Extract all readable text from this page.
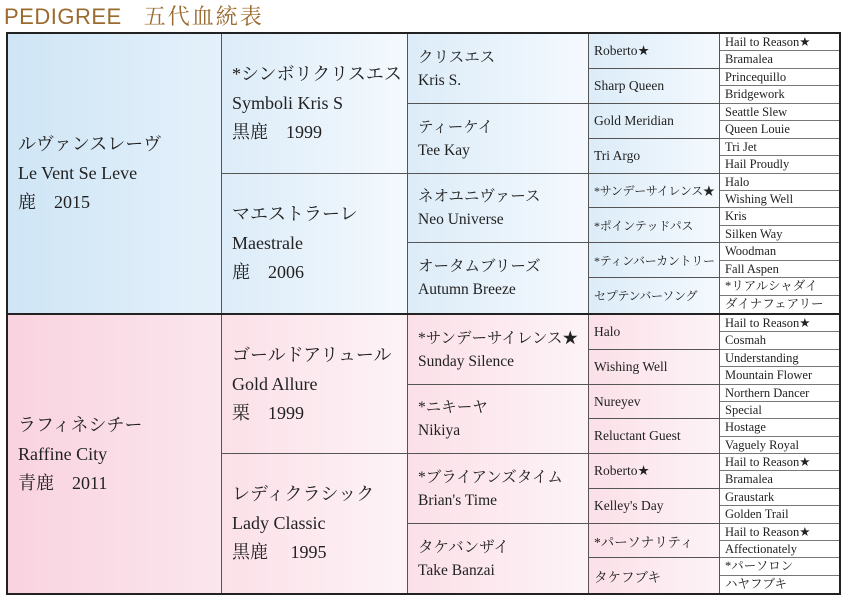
PEDIGREE 五代血統表
ルヴァンスレーヴ
Le Vent Se Leve
鹿　2015
ラフィネシチー
Raffine City
青鹿　2011
*シンボリクリスエス
Symboli Kris S
黒鹿　1999
マエストラーレ
Maestrale
鹿　2006
ゴールドアリュール
Gold Allure
栗　1999
レディクラシック
Lady Classic
黒鹿　 1995
クリスエス
Kris S.
ティーケイ
Tee Kay
ネオユニヴァース
Neo Universe
オータムブリーズ
Autumn Breeze
*サンデーサイレンス★
Sunday Silence
*ニキーヤ
Nikiya
*ブライアンズタイム
Brian's Time
タケバンザイ
Take Banzai
Roberto★
Sharp Queen
Gold Meridian
Tri Argo
*サンデーサイレンス★
*ポインテッドパス
*ティンバーカントリー
セプテンバーソング
Halo
Wishing Well
Nureyev
Reluctant Guest
Roberto★
Kelley's Day
*パーソナリティ
タケフブキ
Hail to Reason★
Bramalea
Princequillo
Bridgework
Seattle Slew
Queen Louie
Tri Jet
Hail Proudly
Halo
Wishing Well
Kris
Silken Way
Woodman
Fall Aspen
*リアルシャダイ
ダイナフェアリー
Hail to Reason★
Cosmah
Understanding
Mountain Flower
Northern Dancer
Special
Hostage
Vaguely Royal
Hail to Reason★
Bramalea
Graustark
Golden Trail
Hail to Reason★
Affectionately
*パーソロン
ハヤフブキ
